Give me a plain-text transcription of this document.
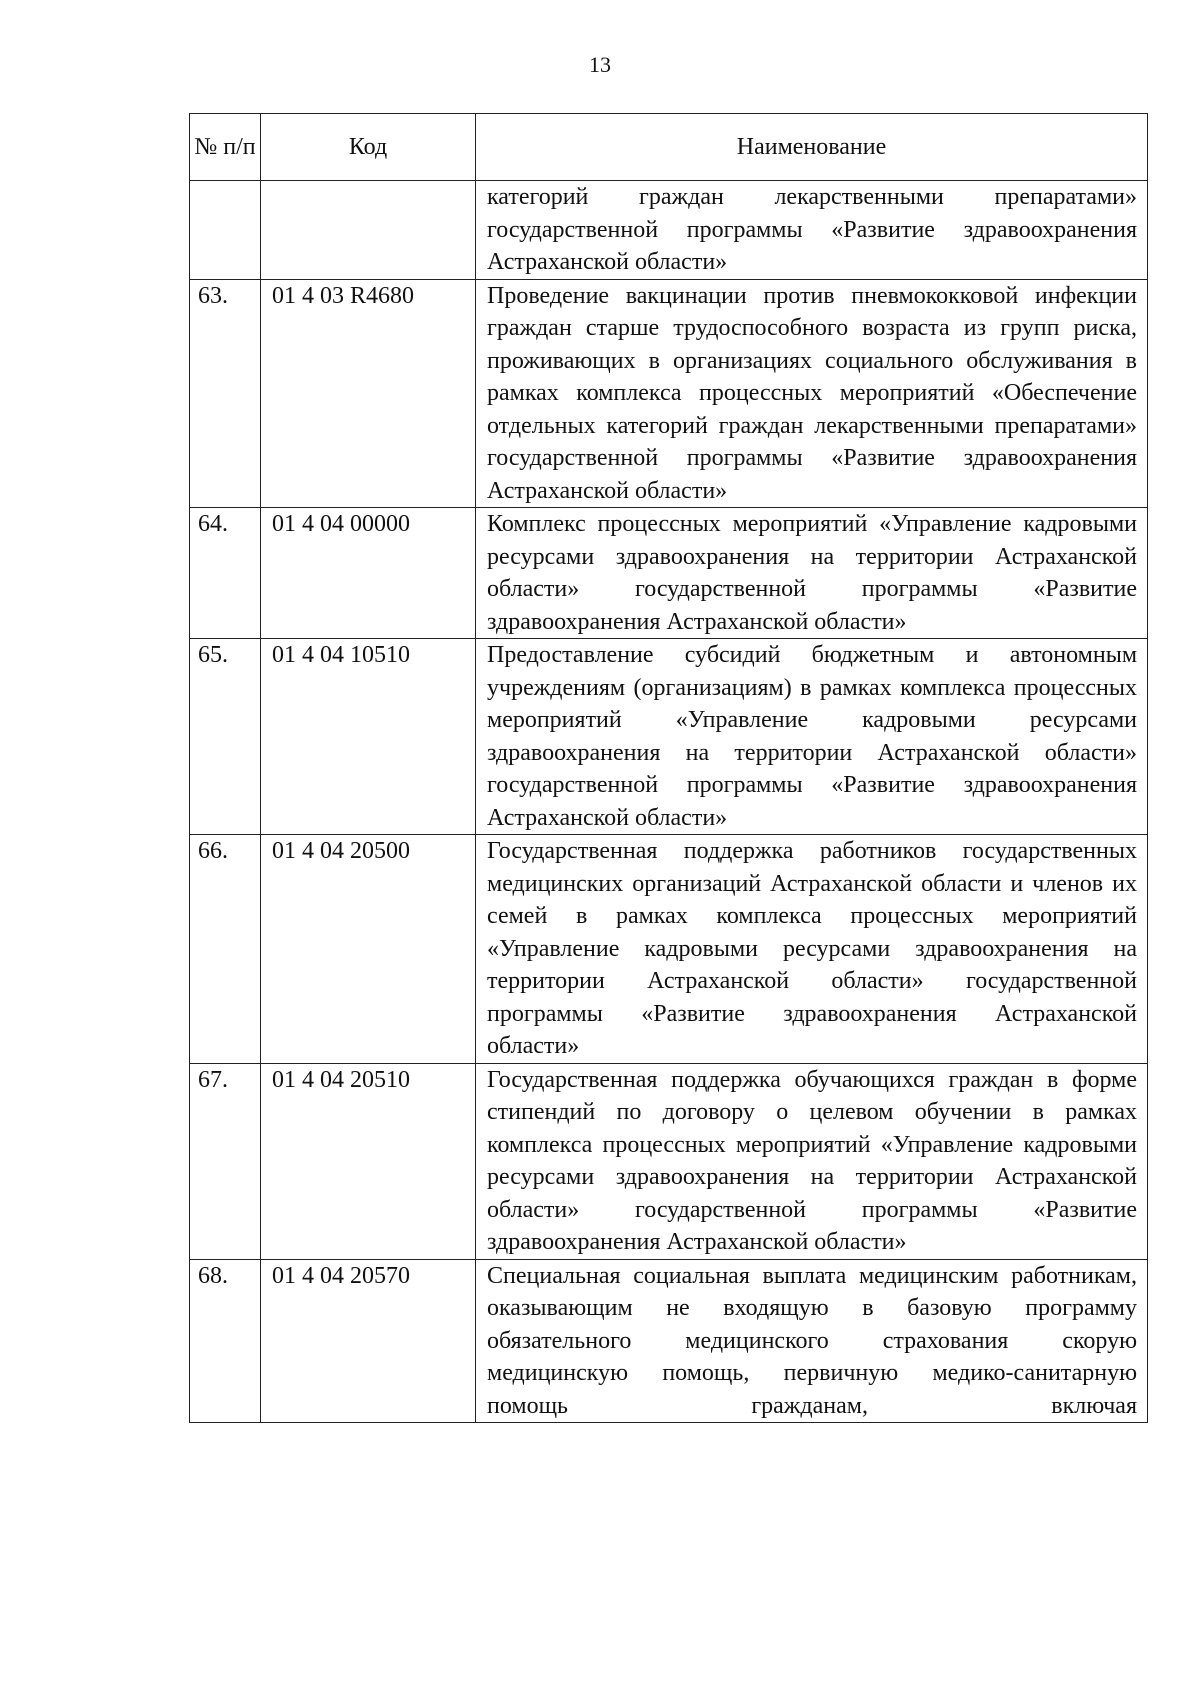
13
№ п/п	Код	Наименование
		категорий граждан лекарственными препаратами» государственной программы «Развитие здравоохранения Астраханской области»
63.	01 4 03 R4680	Проведение вакцинации против пневмококковой инфекции граждан старше трудоспособного возраста из групп риска, проживающих в организациях социального обслуживания в рамках комплекса процессных мероприятий «Обеспечение отдельных категорий граждан лекарственными препаратами» государственной программы «Развитие здравоохранения Астраханской области»
64.	01 4 04 00000	Комплекс процессных мероприятий «Управление кадровыми ресурсами здравоохранения на территории Астраханской области» государственной программы «Развитие здравоохранения Астраханской области»
65.	01 4 04 10510	Предоставление субсидий бюджетным и автономным учреждениям (организациям) в рамках комплекса процессных мероприятий «Управление кадровыми ресурсами здравоохранения на территории Астраханской области» государственной программы «Развитие здравоохранения Астраханской области»
66.	01 4 04 20500	Государственная поддержка работников государственных медицинских организаций Астраханской области и членов их семей в рамках комплекса процессных мероприятий «Управление кадровыми ресурсами здравоохранения на территории Астраханской области» государственной программы «Развитие здравоохранения Астраханской области»
67.	01 4 04 20510	Государственная поддержка обучающихся граждан в форме стипендий по договору о целевом обучении в рамках комплекса процессных мероприятий «Управление кадровыми ресурсами здравоохранения на территории Астраханской области» государственной программы «Развитие здравоохранения Астраханской области»
68.	01 4 04 20570	Специальная социальная выплата медицинским работникам, оказывающим не входящую в базовую программу обязательного медицинского страхования скорую медицинскую помощь, первичную медико-санитарную помощь гражданам, включая
